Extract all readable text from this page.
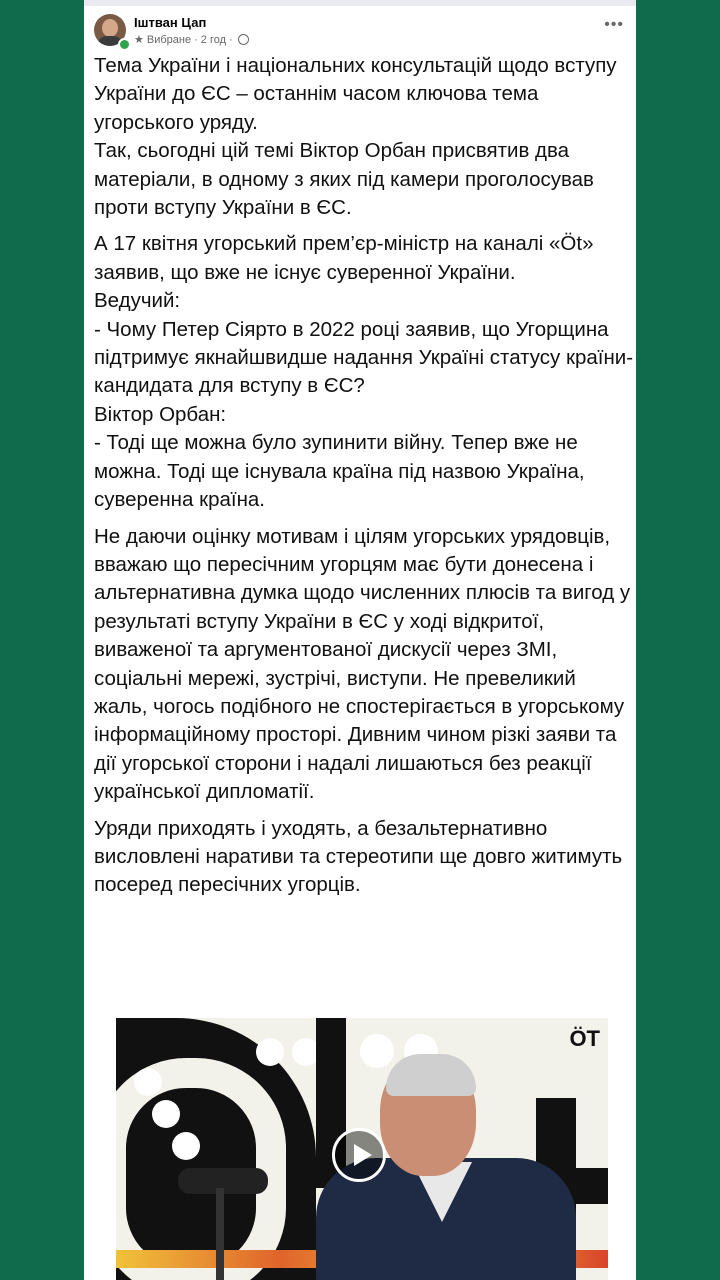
Іштван Цап
★ Вибране · 2 год ·
•••

Тема України і національних консультацій щодо вступу України до ЄС – останнім часом ключова тема угорського уряду.
Так, сьогодні цій темі Віктор Орбан присвятив два матеріали, в одному з яких під камери проголосував проти вступу України в ЄС.

А 17 квітня угорський прем’єр-міністр на каналі «Öt» заявив, що вже не існує суверенної України.
Ведучий:
- Чому Петер Сіярто в 2022 році заявив, що Угорщина підтримує якнайшвидше надання Україні статусу країни-кандидата для вступу в ЄС?
Віктор Орбан:
- Тоді ще можна було зупинити війну. Тепер вже не можна. Тоді ще існувала країна під назвою Україна, суверенна країна.

Не даючи оцінку мотивам і цілям угорських урядовців, вважаю що пересічним угорцям має бути донесена і альтернативна думка щодо численних плюсів та вигод у результаті вступу України в ЄС у ході відкритої, виваженої та аргументованої дискусії через ЗМІ, соціальні мережі, зустрічі, виступи. Не превеликий жаль, чогось подібного не спостерігається в угорському інформаційному просторі. Дивним чином різкі заяви та дії угорської сторони і надалі лишаються без реакції української дипломатії.

Уряди приходять і уходять, а безальтернативно висловлені наративи та стереотипи ще довго житимуть посеред пересічних угорців.

ÖT
